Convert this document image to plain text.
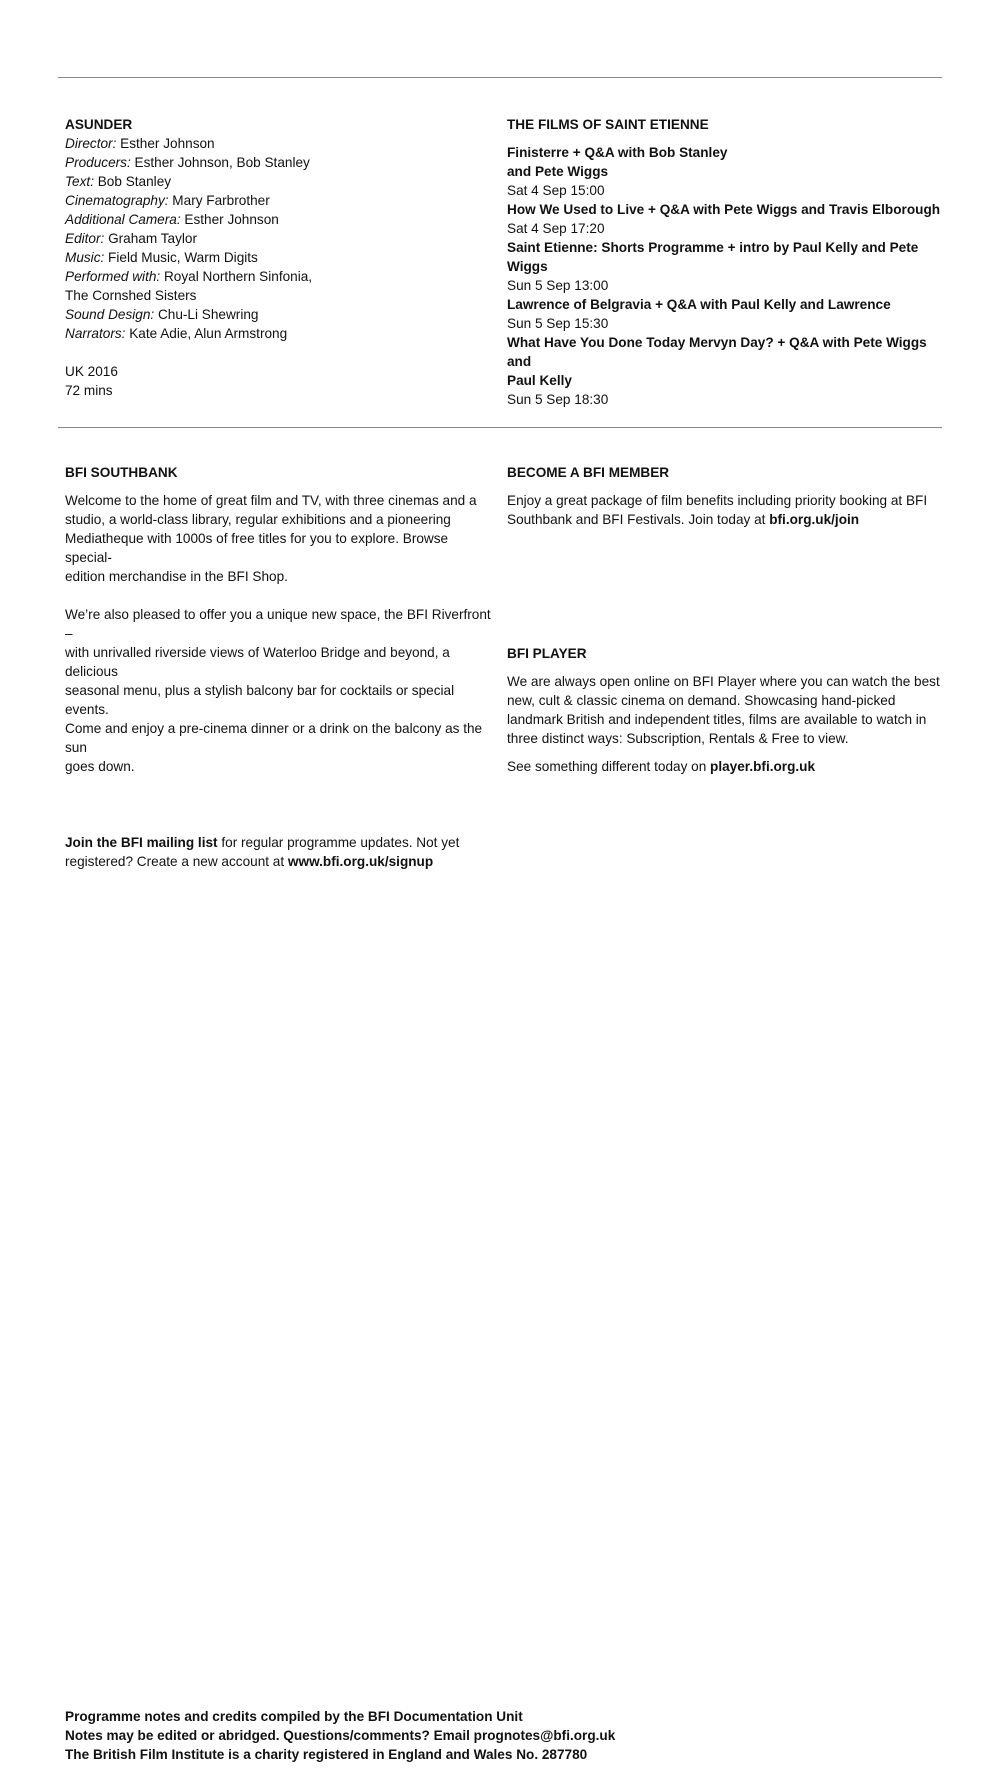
ASUNDER

Director: Esther Johnson

Producers: Esther Johnson, Bob Stanley

Text: Bob Stanley

Cinematography: Mary Farbrother

Additional Camera: Esther Johnson

Editor: Graham Taylor

Music: Field Music, Warm Digits

Performed with: Royal Northern Sinfonia,

The Cornshed Sisters

Sound Design: Chu-Li Shewring

Narrators: Kate Adie, Alun Armstrong

UK 2016

72 mins

THE FILMS OF SAINT ETIENNE

Finisterre + Q&A with Bob Stanley

and Pete Wiggs

Sat 4 Sep 15:00

How We Used to Live + Q&A with Pete Wiggs and Travis Elborough

Sat 4 Sep 17:20

Saint Etienne: Shorts Programme + intro by Paul Kelly and Pete

Wiggs

Sun 5 Sep 13:00

Lawrence of Belgravia + Q&A with Paul Kelly and Lawrence

Sun 5 Sep 15:30

What Have You Done Today Mervyn Day? + Q&A with Pete Wiggs and

Paul Kelly

Sun 5 Sep 18:30

BFI SOUTHBANK

Welcome to the home of great film and TV, with three cinemas and a

studio, a world-class library, regular exhibitions and a pioneering

Mediatheque with 1000s of free titles for you to explore. Browse special-

edition merchandise in the BFI Shop.

We’re also pleased to offer you a unique new space, the BFI Riverfront –

with unrivalled riverside views of Waterloo Bridge and beyond, a delicious

seasonal menu, plus a stylish balcony bar for cocktails or special events.

Come and enjoy a pre-cinema dinner or a drink on the balcony as the sun

goes down.

Join the BFI mailing list for regular programme updates. Not yet

registered? Create a new account at www.bfi.org.uk/signup

BECOME A BFI MEMBER

Enjoy a great package of film benefits including priority booking at BFI

Southbank and BFI Festivals. Join today at bfi.org.uk/join

BFI PLAYER

We are always open online on BFI Player where you can watch the best

new, cult & classic cinema on demand. Showcasing hand-picked

landmark British and independent titles, films are available to watch in

three distinct ways: Subscription, Rentals & Free to view.

See something different today on player.bfi.org.uk

Programme notes and credits compiled by the BFI Documentation Unit

Notes may be edited or abridged. Questions/comments? Email prognotes@bfi.org.uk

The British Film Institute is a charity registered in England and Wales No. 287780
